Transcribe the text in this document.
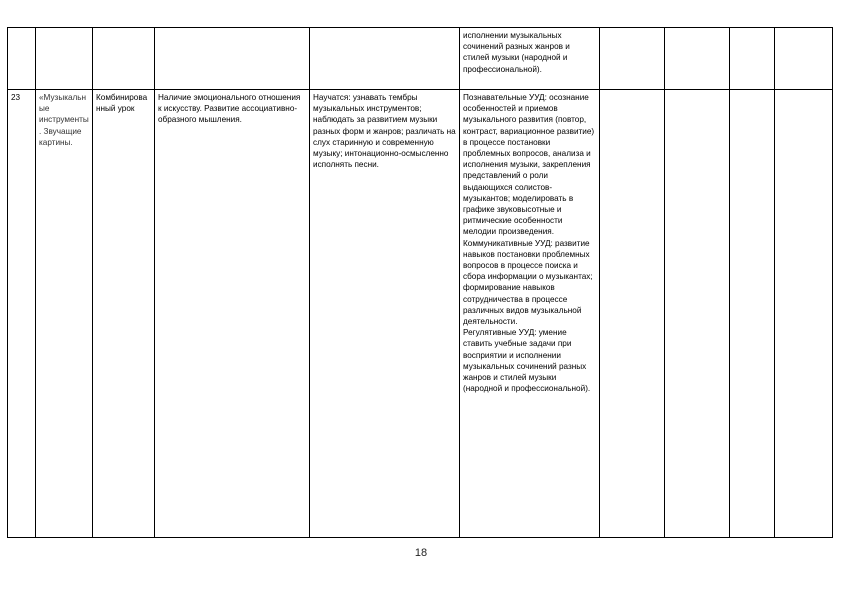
					исполнении музыкальных сочинений разных жанров и стилей музыки (народной и профессиональной).				

23	«Музыкальные инструменты. Звучащие картины.	Комбинированный урок	Наличие эмоционального отношения к искусству. Развитие ассоциативно-образного мышления.	Научатся: узнавать тембры музыкальных инструментов; наблюдать за развитием музыки разных форм и жанров; различать на слух старинную и современную музыку; интонационно-осмысленно исполнять песни.	Познавательные УУД: осознание особенностей и приемов музыкального развития (повтор, контраст, вариационное развитие) в процессе постановки проблемных вопросов, анализа и исполнения музыки, закрепления представлений о роли выдающихся солистов-музыкантов; моделировать в графике звуковысотные и ритмические особенности мелодии произведения.
Коммуникативные УУД: развитие навыков постановки проблемных вопросов в процессе поиска и сбора информации о музыкантах; формирование навыков сотрудничества в процессе различных видов музыкальной деятельности.
Регулятивные УУД: умение ставить учебные задачи при восприятии и исполнении музыкальных сочинений разных жанров и стилей музыки (народной и профессиональной).				

18
